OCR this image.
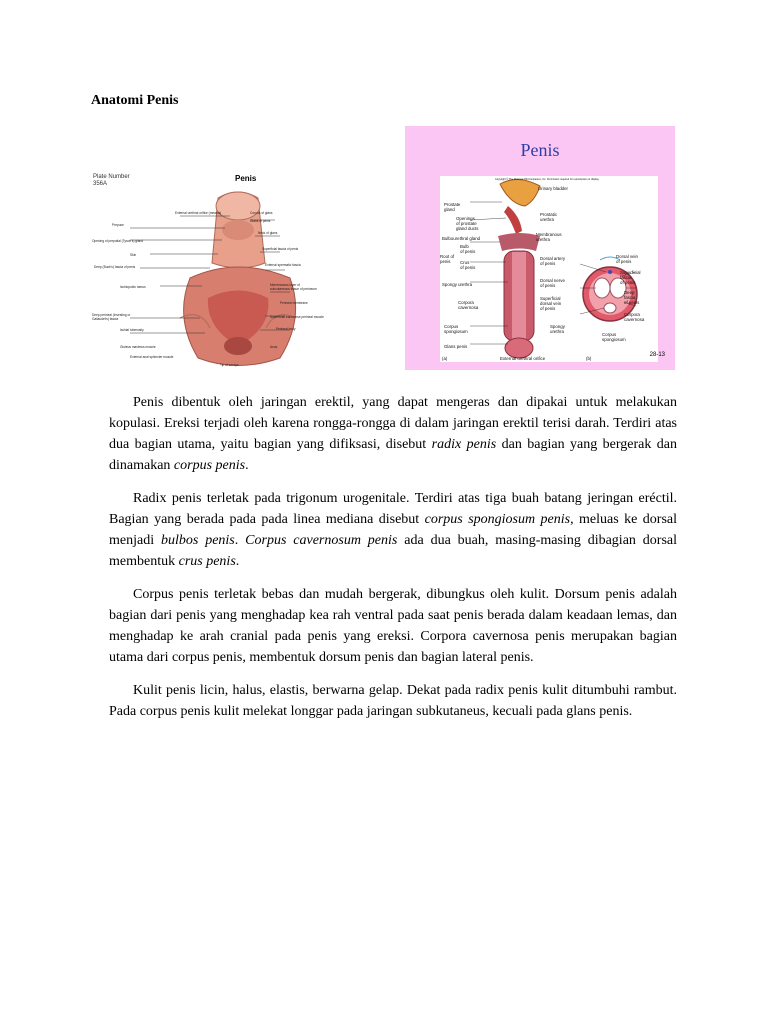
Anatomi Penis
External urethral orifice (meatus)	Corona of glans
Glans of penis
Prepuce
Neck of glans
Opening of preputial (Tyson's) gland
Superficial fascia of penis
Skin
External spermatic fascia
Deep (Buck's) fascia of penis
Membranous layer of
subcutaneous tissue of perineum
Ischiopubic ramus
Perineal membrane
Deep perineal (Investing or
Gallaudet's) fascia	Superficial transverse perineal muscle
Ischial tuberosity	Perineal body
Gluteus maximus muscle	Anus
External anal sphincter muscle
Tip of coccyx
Plate Number 356A
Penis
Penis
Copyright © The McGraw-Hill Companies, Inc. Permission required for reproduction or display.
Urinary bladder
Prostate
gland
Openings
of prostate
gland ducts
Prostatic
urethra
Bulbourethral gland
Membranous
urethra
Bulb
of penis
Root of
penis Crus
of penis
Spongy urethra
Corpora
cavernosa
Corpus
spongiosum
Glans penis
External urethral orifice
(a)	(b)
Dorsal artery
of penis
Dorsal vein
of penis
Dorsal nerve
of penis
Superficial
fascia
of penis
Deep
fascia
of penis
Superficial
dorsal vein
of penis
Corpora
cavernosa
Spongy
urethra
Corpus
spongiosum
28-13

Penis dibentuk oleh jaringan erektil, yang dapat mengeras dan dipakai untuk melakukan kopulasi. Ereksi terjadi oleh karena rongga-rongga di dalam jaringan erektil terisi darah. Terdiri atas dua bagian utama, yaitu bagian yang difiksasi, disebut radix penis dan bagian yang bergerak dan dinamakan corpus penis.

Radix penis terletak pada trigonum urogenitale. Terdiri atas tiga buah batang jeringan eréctil. Bagian yang berada pada pada linea mediana disebut corpus spongiosum penis, meluas ke dorsal menjadi bulbos penis. Corpus cavernosum penis ada dua buah, masing-masing dibagian dorsal membentuk crus penis.

Corpus penis terletak bebas dan mudah bergerak, dibungkus oleh kulit. Dorsum penis adalah bagian dari penis yang menghadap kea rah ventral pada saat penis berada dalam keadaan lemas, dan menghadap ke arah cranial pada penis yang ereksi. Corpora cavernosa penis merupakan bagian utama dari corpus penis, membentuk dorsum penis dan bagian lateral penis.

Kulit penis licin, halus, elastis, berwarna gelap. Dekat pada radix penis kulit ditumbuhi rambut. Pada corpus penis kulit melekat longgar pada jaringan subkutaneus, kecuali pada glans penis.
